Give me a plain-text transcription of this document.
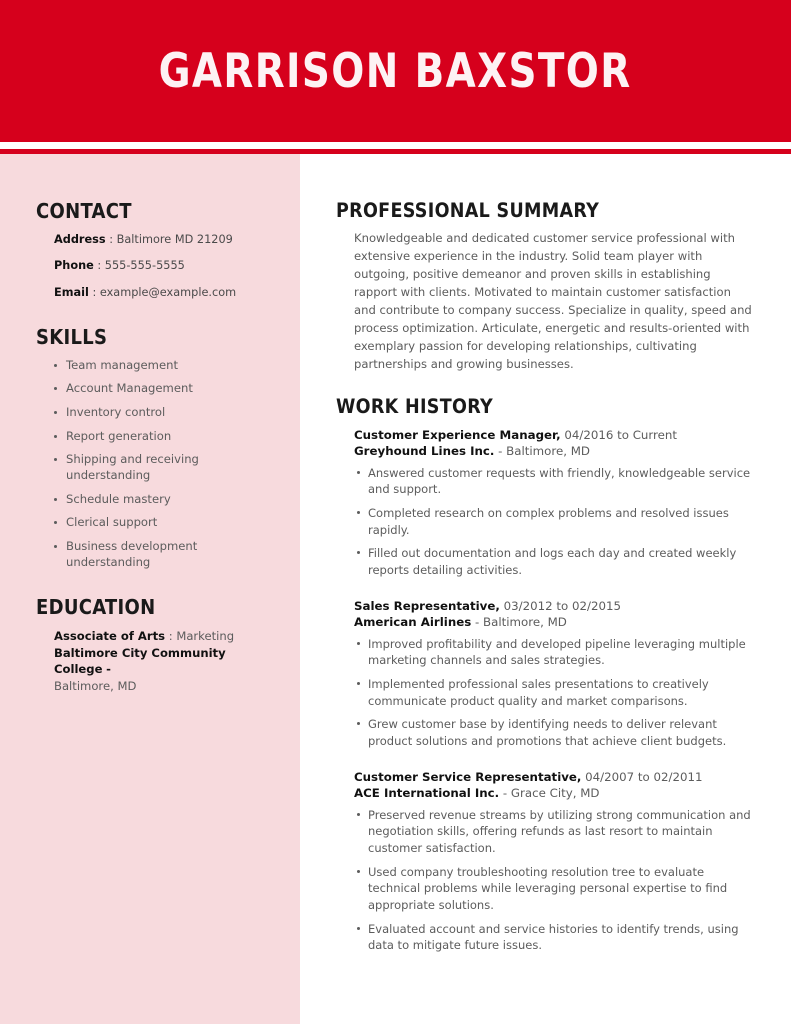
GARRISON BAXSTOR
CONTACT
Address : Baltimore MD 21209
Phone : 555-555-5555
Email : example@example.com
SKILLS
Team management
Account Management
Inventory control
Report generation
Shipping and receiving understanding
Schedule mastery
Clerical support
Business development understanding
EDUCATION
Associate of Arts : Marketing
Baltimore City Community College -
Baltimore, MD
PROFESSIONAL SUMMARY

Knowledgeable and dedicated customer service professional with extensive experience in the industry. Solid team player with outgoing, positive demeanor and proven skills in establishing rapport with clients. Motivated to maintain customer satisfaction and contribute to company success. Specialize in quality, speed and process optimization. Articulate, energetic and results-oriented with exemplary passion for developing relationships, cultivating partnerships and growing businesses.

WORK HISTORY
Customer Experience Manager, 04/2016 to Current
Greyhound Lines Inc. - Baltimore, MD
Answered customer requests with friendly, knowledgeable service and support.
Completed research on complex problems and resolved issues rapidly.
Filled out documentation and logs each day and created weekly reports detailing activities.
Sales Representative, 03/2012 to 02/2015
American Airlines - Baltimore, MD
Improved profitability and developed pipeline leveraging multiple marketing channels and sales strategies.
Implemented professional sales presentations to creatively communicate product quality and market comparisons.
Grew customer base by identifying needs to deliver relevant product solutions and promotions that achieve client budgets.
Customer Service Representative, 04/2007 to 02/2011
ACE International Inc. - Grace City, MD
Preserved revenue streams by utilizing strong communication and negotiation skills, offering refunds as last resort to maintain customer satisfaction.
Used company troubleshooting resolution tree to evaluate technical problems while leveraging personal expertise to find appropriate solutions.
Evaluated account and service histories to identify trends, using data to mitigate future issues.
